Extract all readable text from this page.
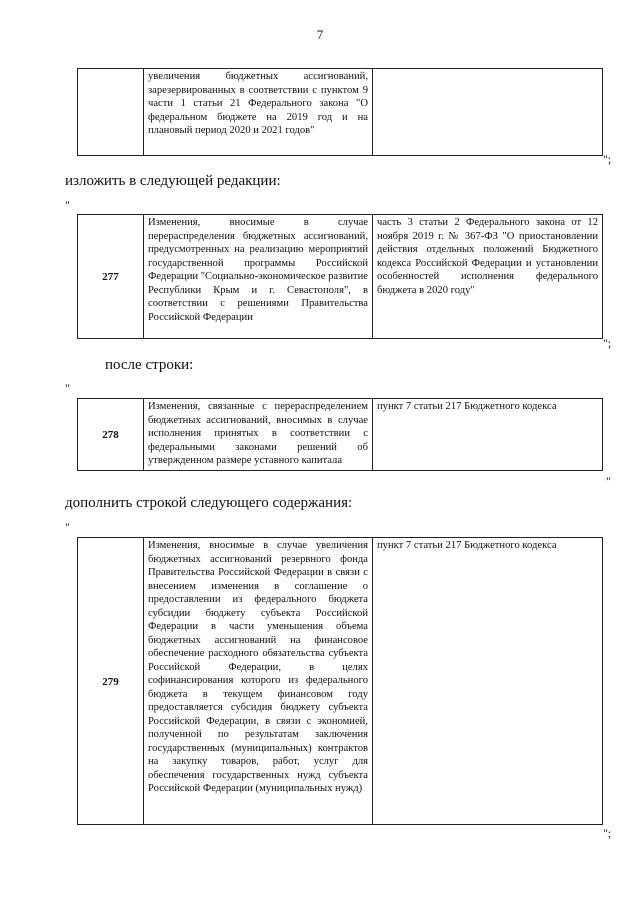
7
	увеличения бюджетных ассигнований, зарезервированных в соответствии с пунктом 9 части 1 статьи 21 Федерального закона "О федеральном бюджете на 2019 год и на плановый период 2020 и 2021 годов"	
";
изложить в следующей редакции:
"
277	Изменения, вносимые в случае перераспределения бюджетных ассигнований, предусмотренных на реализацию мероприятий государственной программы Российской Федерации "Социально-экономическое развитие Республики Крым и г. Севастополя", в соответствии с решениями Правительства Российской Федерации	часть 3 статьи 2 Федерального закона от 12 ноября 2019 г. № 367-ФЗ "О приостановлении действия отдельных положений Бюджетного кодекса Российской Федерации и установлении особенностей исполнения федерального бюджета в 2020 году"
";
после строки:
"
278	Изменения, связанные с перераспределением бюджетных ассигнований, вносимых в случае исполнения принятых в соответствии с федеральными законами решений об утвержденном размере уставного капитала	пункт 7 статьи 217 Бюджетного кодекса
"
дополнить строкой следующего содержания:
"
279	Изменения, вносимые в случае увеличения бюджетных ассигнований резервного фонда Правительства Российской Федерации в связи с внесением изменения в соглашение о предоставлении из федерального бюджета субсидии бюджету субъекта Российской Федерации в части уменьшения объема бюджетных ассигнований на финансовое обеспечение расходного обязательства субъекта Российской Федерации, в целях софинансирования которого из федерального бюджета в текущем финансовом году предоставляется субсидия бюджету субъекта Российской Федерации, в связи с экономией, полученной по результатам заключения государственных (муниципальных) контрактов на закупку товаров, работ, услуг для обеспечения государственных нужд субъекта Российской Федерации (муниципальных нужд)	пункт 7 статьи 217 Бюджетного кодекса
";
